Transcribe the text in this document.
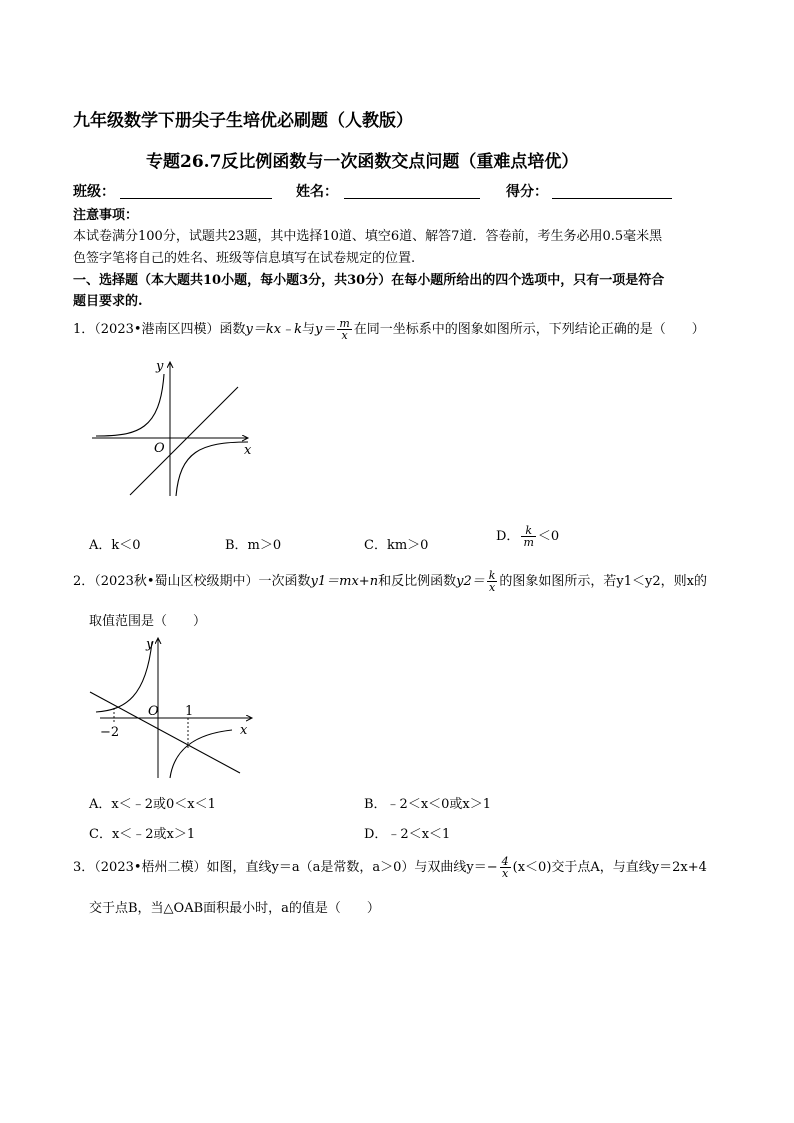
九年级数学下册尖子生培优必刷题（人教版）
专题26.7反比例函数与一次函数交点问题（重难点培优）
班级：	姓名：	得分：
注意事项：
本试卷满分100分，试题共23题，其中选择10道、填空6道、解答7道．答卷前，考生务必用0.5毫米黑
色签字笔将自己的姓名、班级等信息填写在试卷规定的位置.
一、选择题（本大题共10小题，每小题3分，共30分）在每小题所给出的四个选项中，只有一项是符合
题目要求的.
1．（2023•港南区四模）函数y＝kx﹣k与$y= \frac{m}{x}$ 在同一坐标系中的图象如图所示，下列结论正确的是（　　）
y
x
O
A．k＜0	B．m＞0	C．km＞0
D． $\frac{k}{m} <0$
2．（2023秋•蜀山区校级期中）一次函数y1＝mx+n和反比例函数$y2= \frac{k}{x}$ 的图象如图所示，若y1＜y2，则x的
取值范围是（　　）
y
x
O
−2
1
A．x＜﹣2或0＜x＜1	B．﹣2＜x＜0或x＞1
C．x＜﹣2或x＞1	D．﹣2＜x＜1
3．（2023•梧州二模）如图，直线y＝a（a是常数，a＞0）与双曲线$y=- \frac{4}{x} (x<0)$交于点A，与直线y＝2x+4
交于点B，当△OAB面积最小时，a的值是（　　）
